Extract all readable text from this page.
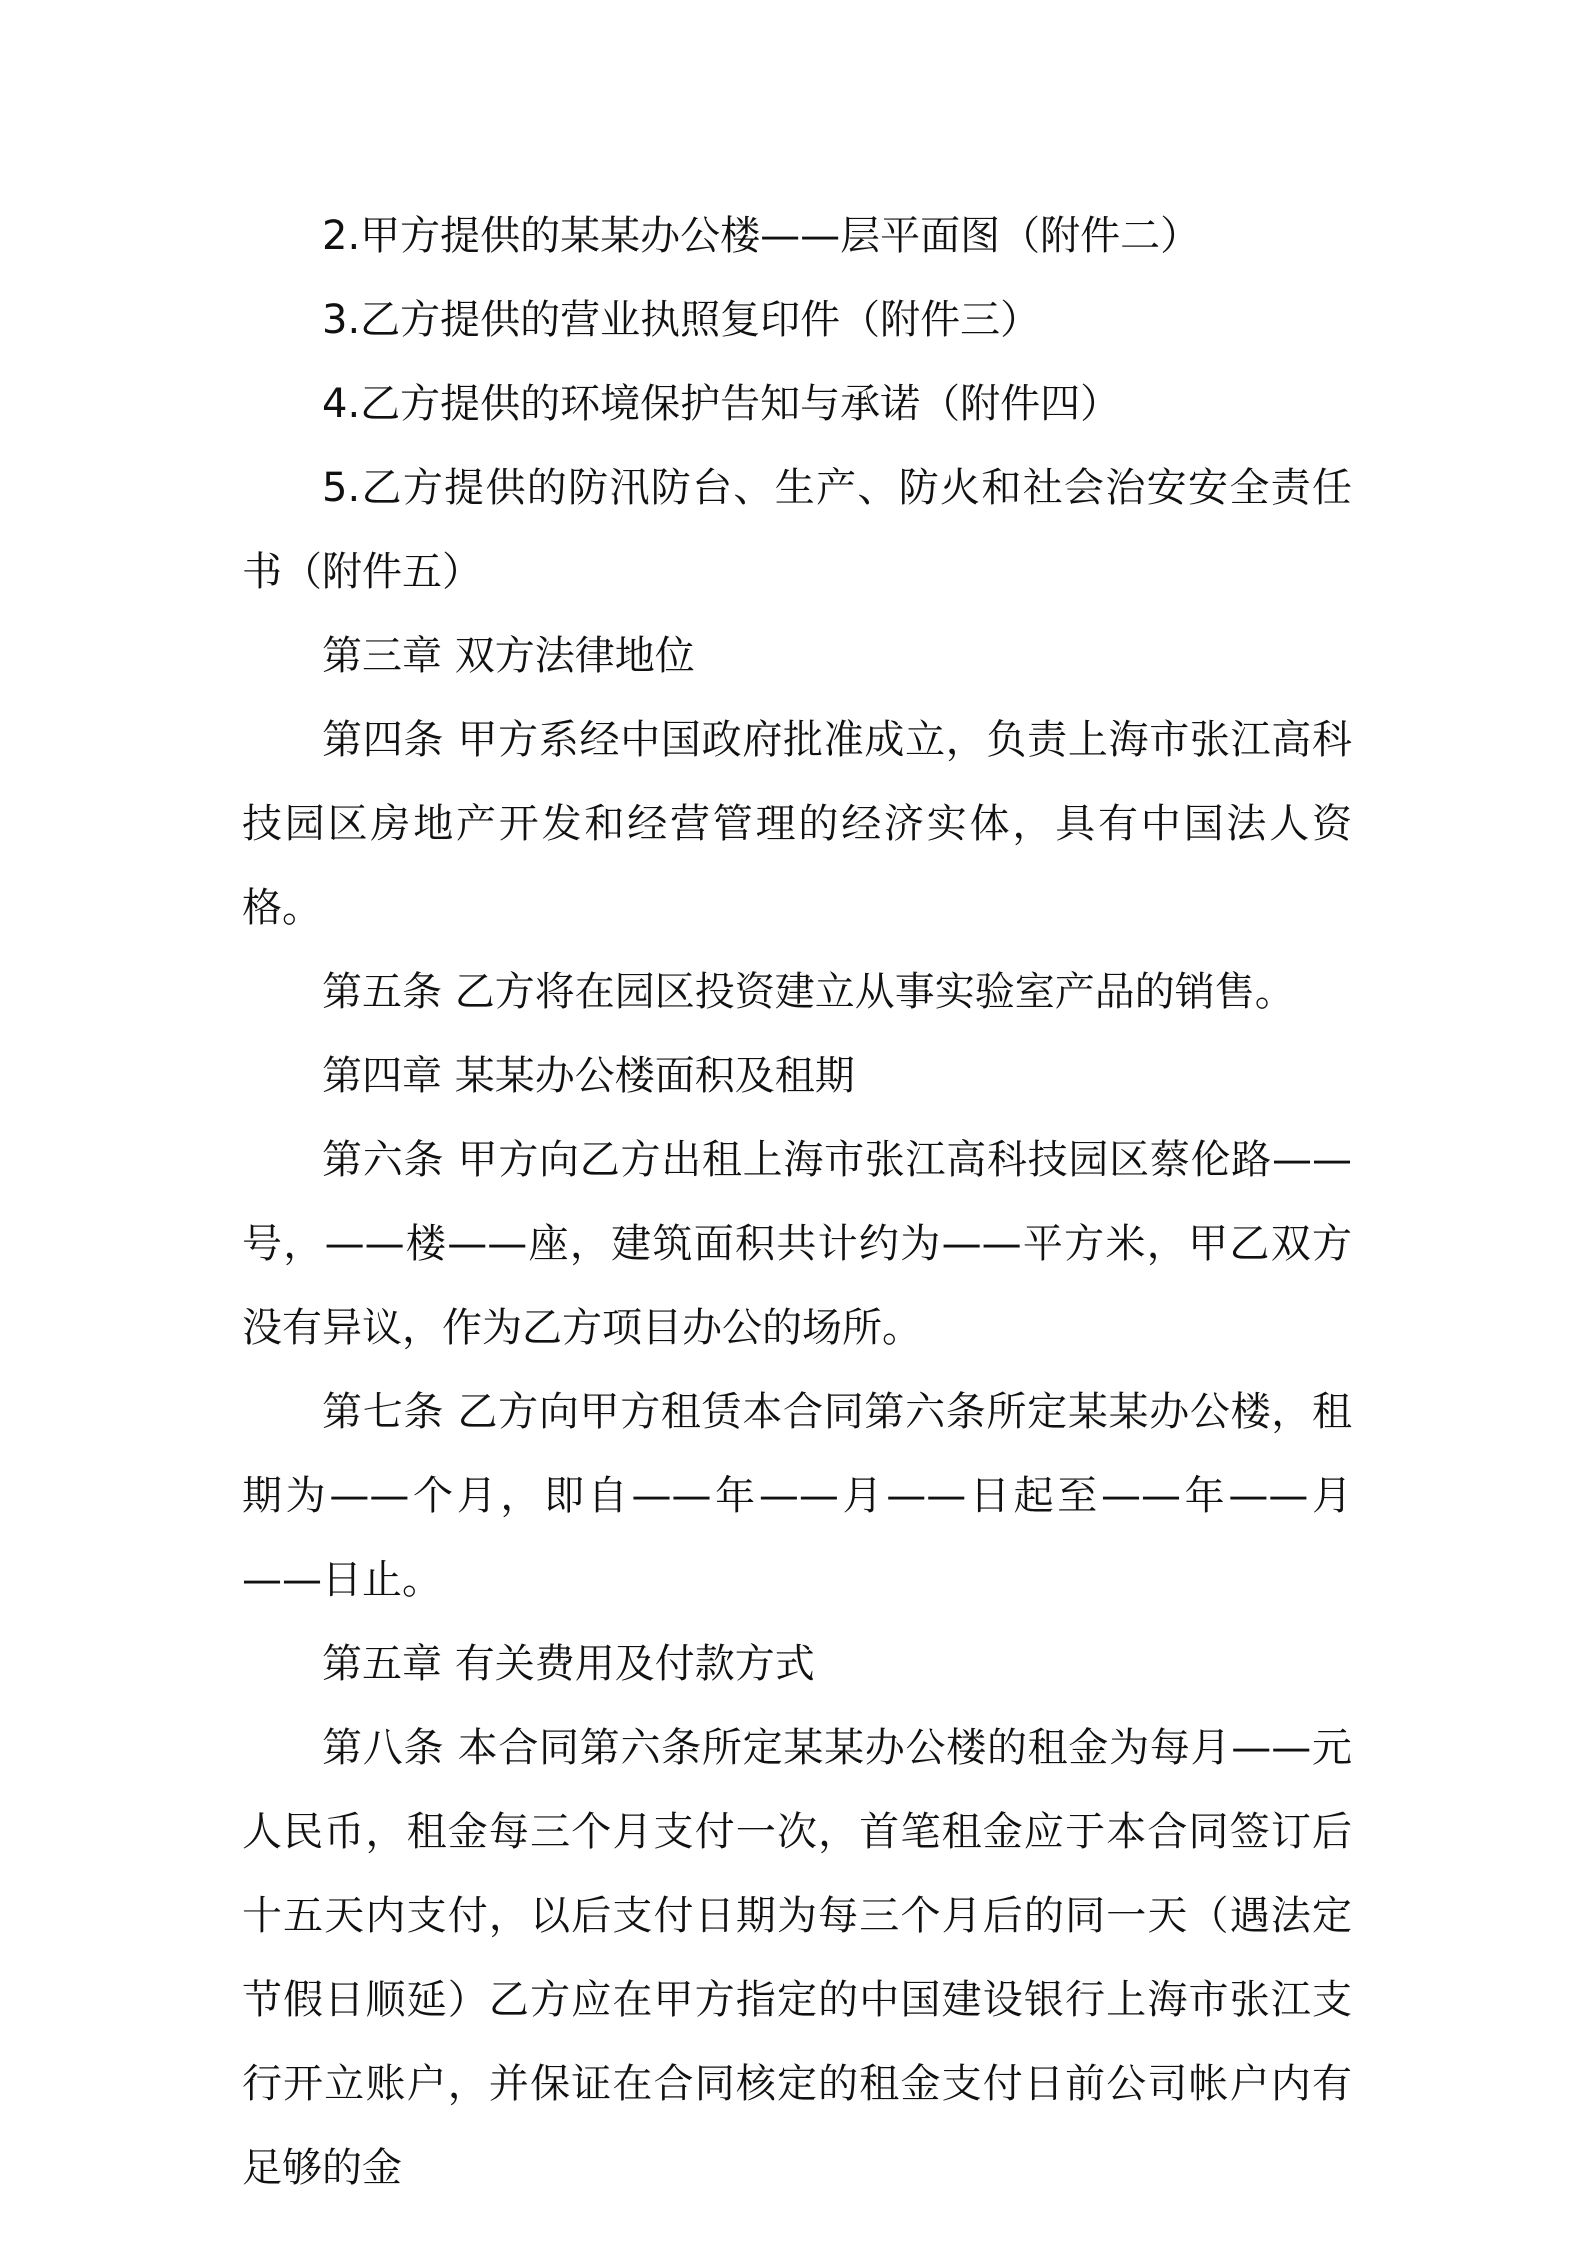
2.甲方提供的某某办公楼——层平面图（附件二）

3.乙方提供的营业执照复印件（附件三）

4.乙方提供的环境保护告知与承诺（附件四）

5.乙方提供的防汛防台、生产、防火和社会治安安全责任书（附件五）

第三章 双方法律地位

第四条 甲方系经中国政府批准成立，负责上海市张江高科技园区房地产开发和经营管理的经济实体，具有中国法人资格。

第五条 乙方将在园区投资建立从事实验室产品的销售。

第四章 某某办公楼面积及租期

第六条 甲方向乙方出租上海市张江高科技园区蔡伦路——号，——楼——座，建筑面积共计约为——平方米，甲乙双方没有异议，作为乙方项目办公的场所。

第七条 乙方向甲方租赁本合同第六条所定某某办公楼，租期为——个月，即自——年——月——日起至——年——月——日止。

第五章 有关费用及付款方式

第八条 本合同第六条所定某某办公楼的租金为每月——元人民币，租金每三个月支付一次，首笔租金应于本合同签订后十五天内支付，以后支付日期为每三个月后的同一天（遇法定节假日顺延）乙方应在甲方指定的中国建设银行上海市张江支行开立账户，并保证在合同核定的租金支付日前公司帐户内有足够的金
